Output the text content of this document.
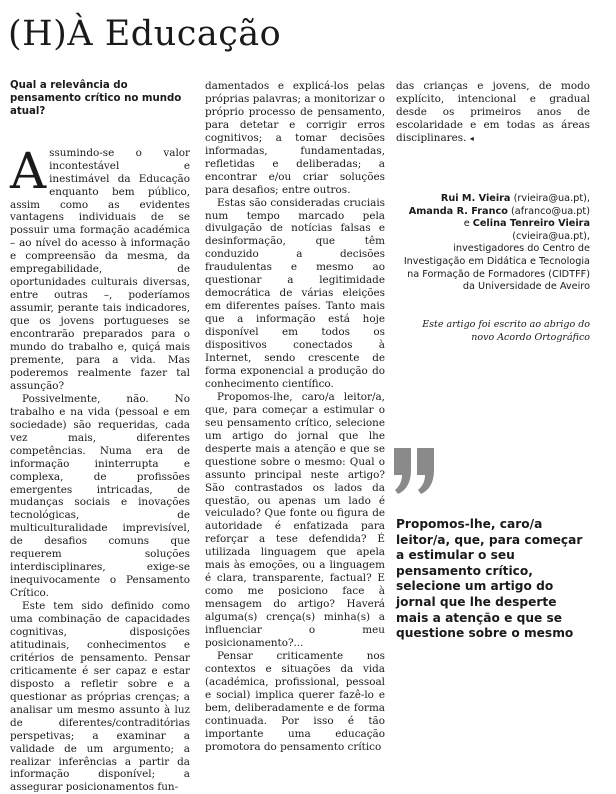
(H)À Educação

Qual a relevância do pensamento crítico no mundo atual?

Assumindo-se o valor incontestável e inestimável da Educação enquanto bem público, assim como as evidentes vantagens individuais de se possuir uma formação académica – ao nível do acesso à informação e compreensão da mesma, da empregabilidade, de oportunidades culturais diversas, entre outras –, poderíamos assumir, perante tais indicadores, que os jovens portugueses se encontrarão preparados para o mundo do trabalho e, quiçá mais premente, para a vida. Mas poderemos realmente fazer tal assunção?

Possivelmente, não. No trabalho e na vida (pessoal e em sociedade) são requeridas, cada vez mais, diferentes competências. Numa era de informação ininterrupta e complexa, de profissões emergentes intricadas, de mudanças sociais e inovações tecnológicas, de multiculturalidade imprevisível, de desafios comuns que requerem soluções interdisciplinares, exige-se inequivocamente o Pensamento Crítico.

Este tem sido definido como uma combinação de capacidades cognitivas, disposições atitudinais, conhecimentos e critérios de pensamento. Pensar criticamente é ser capaz e estar disposto a refletir sobre e a questionar as próprias crenças; a analisar um mesmo assunto à luz de diferentes/contraditórias perspetivas; a examinar a validade de um argumento; a realizar inferências a partir da informação disponível; a assegurar posicionamentos fun-

damentados e explicá-los pelas próprias palavras; a monitorizar o próprio processo de pensamento, para detetar e corrigir erros cognitivos; a tomar decisões informadas, fundamentadas, refletidas e deliberadas; a encontrar e/ou criar soluções para desafios; entre outros.

Estas são consideradas cruciais num tempo marcado pela divulgação de notícias falsas e desinformação, que têm conduzido a decisões fraudulentas e mesmo ao questionar a legitimidade democrática de várias eleições em diferentes países. Tanto mais que a informação está hoje disponível em todos os dispositivos conectados à Internet, sendo crescente de forma exponencial a produção do conhecimento científico.

Propomos-lhe, caro/a leitor/a, que, para começar a estimular o seu pensamento crítico, selecione um artigo do jornal que lhe desperte mais a atenção e que se questione sobre o mesmo: Qual o assunto principal neste artigo? São contrastados os lados da questão, ou apenas um lado é veiculado? Que fonte ou figura de autoridade é enfatizada para reforçar a tese defendida? É utilizada linguagem que apela mais às emoções, ou a linguagem é clara, transparente, factual? E como me posiciono face à mensagem do artigo? Haverá alguma(s) crença(s) minha(s) a influenciar o meu posicionamento?...

Pensar criticamente nos contextos e situações da vida (académica, profissional, pessoal e social) implica querer fazê-lo e bem, deliberadamente e de forma continuada. Por isso é tão importante uma educação promotora do pensamento crítico

das crianças e jovens, de modo explícito, intencional e gradual desde os primeiros anos de escolaridade e em todas as áreas disciplinares. ◂

Rui M. Vieira (rvieira@ua.pt),
Amanda R. Franco (afranco@ua.pt)
e Celina Tenreiro Vieira (cvieira@ua.pt),
investigadores do Centro de
Investigação em Didática e Tecnologia
na Formação de Formadores (CIDTFF)
da Universidade de Aveiro
Este artigo foi escrito ao abrigo do novo Acordo Ortográfico
Propomos-lhe, caro/a leitor/a, que, para começar a estimular o seu pensamento crítico, selecione um artigo do jornal que lhe desperte mais a atenção e que se questione sobre o mesmo
